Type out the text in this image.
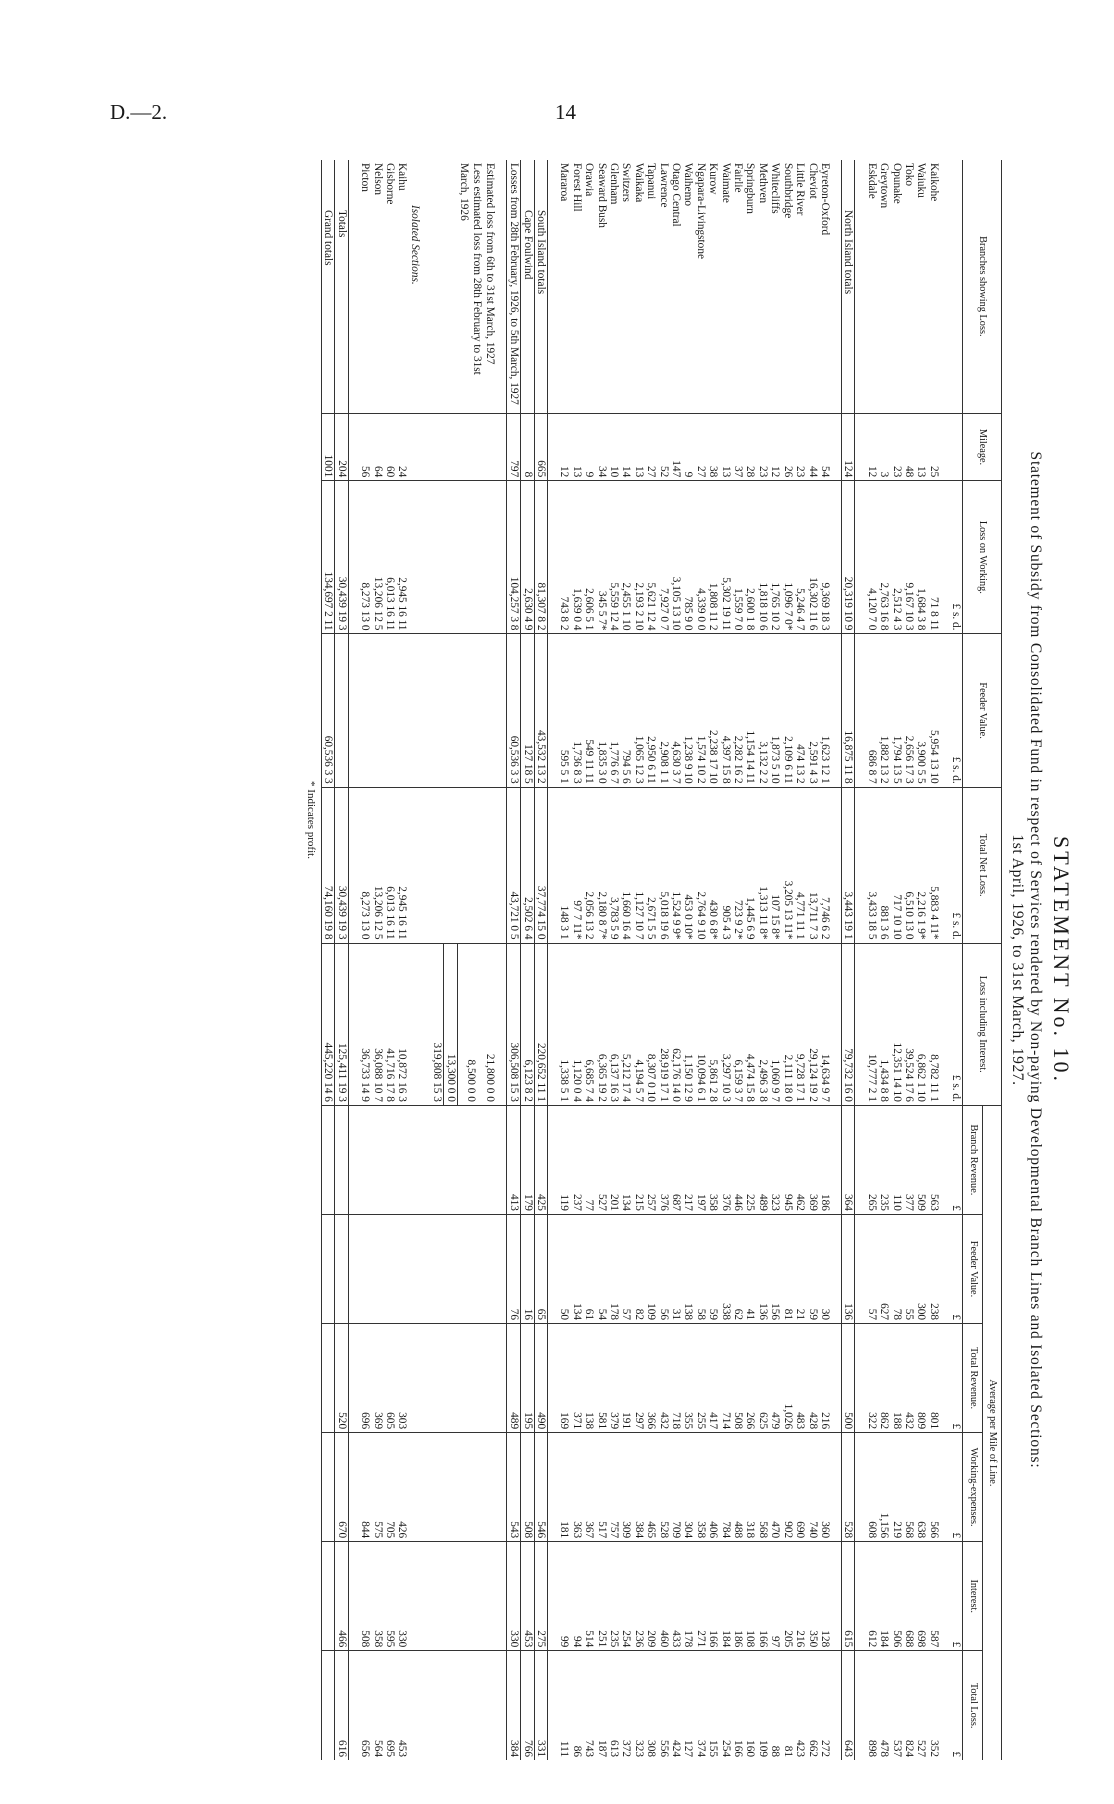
D.—2.	14
STATEMENT No. 10.
Statement of Subsidy from Consolidated Fund in respect of Services rendered by Non-paying Developmental Branch Lines and Isolated Sections:
1st April, 1926, to 31st March, 1927.
Branches showing Loss.	Mileage.	Loss on Working.	Feeder Value.	Total Net Loss.	Loss including Interest.	Average per Mile of Line.					
						Branch Revenue.	Feeder Value.	Total Revenue.	Working-expenses.	Interest.	Total Loss.
		£ s. d.	£ s. d.	£ s. d.	£ s. d.	£	£	£	£	£	£

Kaikohe	25	71 8 11	5,954 13 10	5,883 4 11*	8,782 11 1	563	238	801	566	587	352
Waiuku	13	1,684 3 8	3,900 5 5	2,216 1 9*	6,862 1 10	509	300	809	638	698	527
Toko	48	9,167 10 3	2,656 17 3	6,510 13 0	39,524 17 6	377	55	432	568	688	824
Opunake	23	2,512 4 3	1,794 13 5	717 10 10	12,351 14 10	110	78	188	219	506	537
Greytown	3	2,763 16 8	1,882 13 2	881 3 6	1,434 8 8	235	627	862	1,156	184	478
Eskdale	12	4,120 7 0	686 8 7	3,433 18 5	10,777 2 1	265	57	322	608	612	898

North Island totals	124	20,319 10 9	16,875 11 8	3,443 19 1	79,732 16 0	364	136	500	528	615	643

Eyreton-Oxford	54	9,369 18 3	1,623 12 1	7,746 6 2	14,634 9 7	186	30	216	360	128	272
Cheviot	44	16,302 11 6	2,591 4 3	13,711 7 3	29,124 19 2	369	59	428	740	350	662
Little River	23	5,246 4 7	474 13 2	4,771 11 1	9,728 17 1	462	21	483	690	216	423
Southbridge	26	1,096 7 0*	2,109 6 11	3,205 13 11*	2,111 18 0	945	81	1,026	902	205	81
Whitecliffs	12	1,765 10 2	1,873 5 10	107 15 8*	1,060 9 7	323	156	479	470	97	88
Methven	23	1,818 10 6	3,132 2 2	1,313 11 8*	2,496 3 8	489	136	625	568	166	109
Springburn	28	2,600 1 8	1,154 14 11	1,445 6 9	4,474 15 8	225	41	266	318	108	160
Fairlie	37	1,559 7 0	2,282 16 2	723 9 2*	6,159 3 7	446	62	508	488	186	166
Waimate	13	5,302 19 11	4,397 15 8	905 4 3	3,297 10 3	376	338	714	784	184	254
Kurow	38	1,808 11 2	2,238 17 10	430 6 8*	5,861 2 8	358	59	417	406	166	155
Ngapara-Livingstone	27	4,339 0 0	1,574 10 2	2,764 9 10	10,094 6 1	197	58	255	358	271	374
Waihemo	9	785 9 0	1,238 9 10	453 0 10*	1,150 12 9	217	138	355	304	178	127
Otago Central	147	3,105 13 10	4,630 3 7	1,524 9 9*	62,176 14 0	687	31	718	709	433	424
Lawrence	52	7,927 0 7	2,908 1 1	5,018 19 6	28,919 17 1	376	56	432	528	460	556
Tapanui	27	5,621 12 4	2,950 6 11	2,671 5 5	8,307 0 10	257	109	366	465	209	308
Waikaka	13	2,193 2 10	1,065 12 3	1,127 10 7	4,194 5 7	215	82	297	384	236	323
Switzers	14	2,455 1 10	794 5 6	1,660 16 4	5,212 17 4	134	57	191	309	254	372
Glenham	10	5,559 12 4	1,776 6 7	3,783 5 9	6,137 16 3	201	178	379	757	235	613
Seaward Bush	34	345 5 7*	1,835 3 0	2,180 8 7*	6,365 19 2	527	54	581	517	251	187
Orawia	9	2,606 5 1	549 11 11	2,056 13 2	6,685 7 4	77	61	138	367	514	743
Forest Hill	13	1,639 0 4	1,736 8 3	97 7 11*	1,120 0 4	237	134	371	363	94	86
Mararoa	12	743 8 2	595 5 1	148 3 1	1,338 5 1	119	50	169	181	99	111

South Island totals	665	81,307 8 2	43,532 13 2	37,774 15 0	220,652 11 1	425	65	490	546	275	331
Cape Foulwind	8	2,630 4 9	127 18 5	2,502 6 4	6,123 8 2	179	16	195	508	453	766
Losses from 28th February, 1926, to 5th March, 1927	797	104,257 3 8	60,536 3 3	43,721 0 5	306,508 15 3	413	76	489	543	330	384

Estimated loss from 6th to 31st March, 1927					21,800 0 0						
Less estimated loss from 28th February to 31st March, 1926					8,500 0 0						
					13,300 0 0						
					319,808 15 3						

Isolated Sections.											
Kaihu	24	2,945 16 11		2,945 16 11	10,872 16 3			303	426	330	453
Gisborne	60	6,013 16 11		6,013 16 11	41,716 17 8			605	705	595	695
Nelson	64	13,206 12 5		13,206 12 5	36,088 10 7			369	575	358	564
Picton	56	8,273 13 0		8,273 13 0	36,733 14 9			696	844	508	656

Totals	204	30,439 19 3		30,439 19 3	125,411 19 3			520	670	466	616
Grand totals	1001	134,697 2 11	60,536 3 3	74,160 19 8	445,220 14 6						
* Indicates profit.
